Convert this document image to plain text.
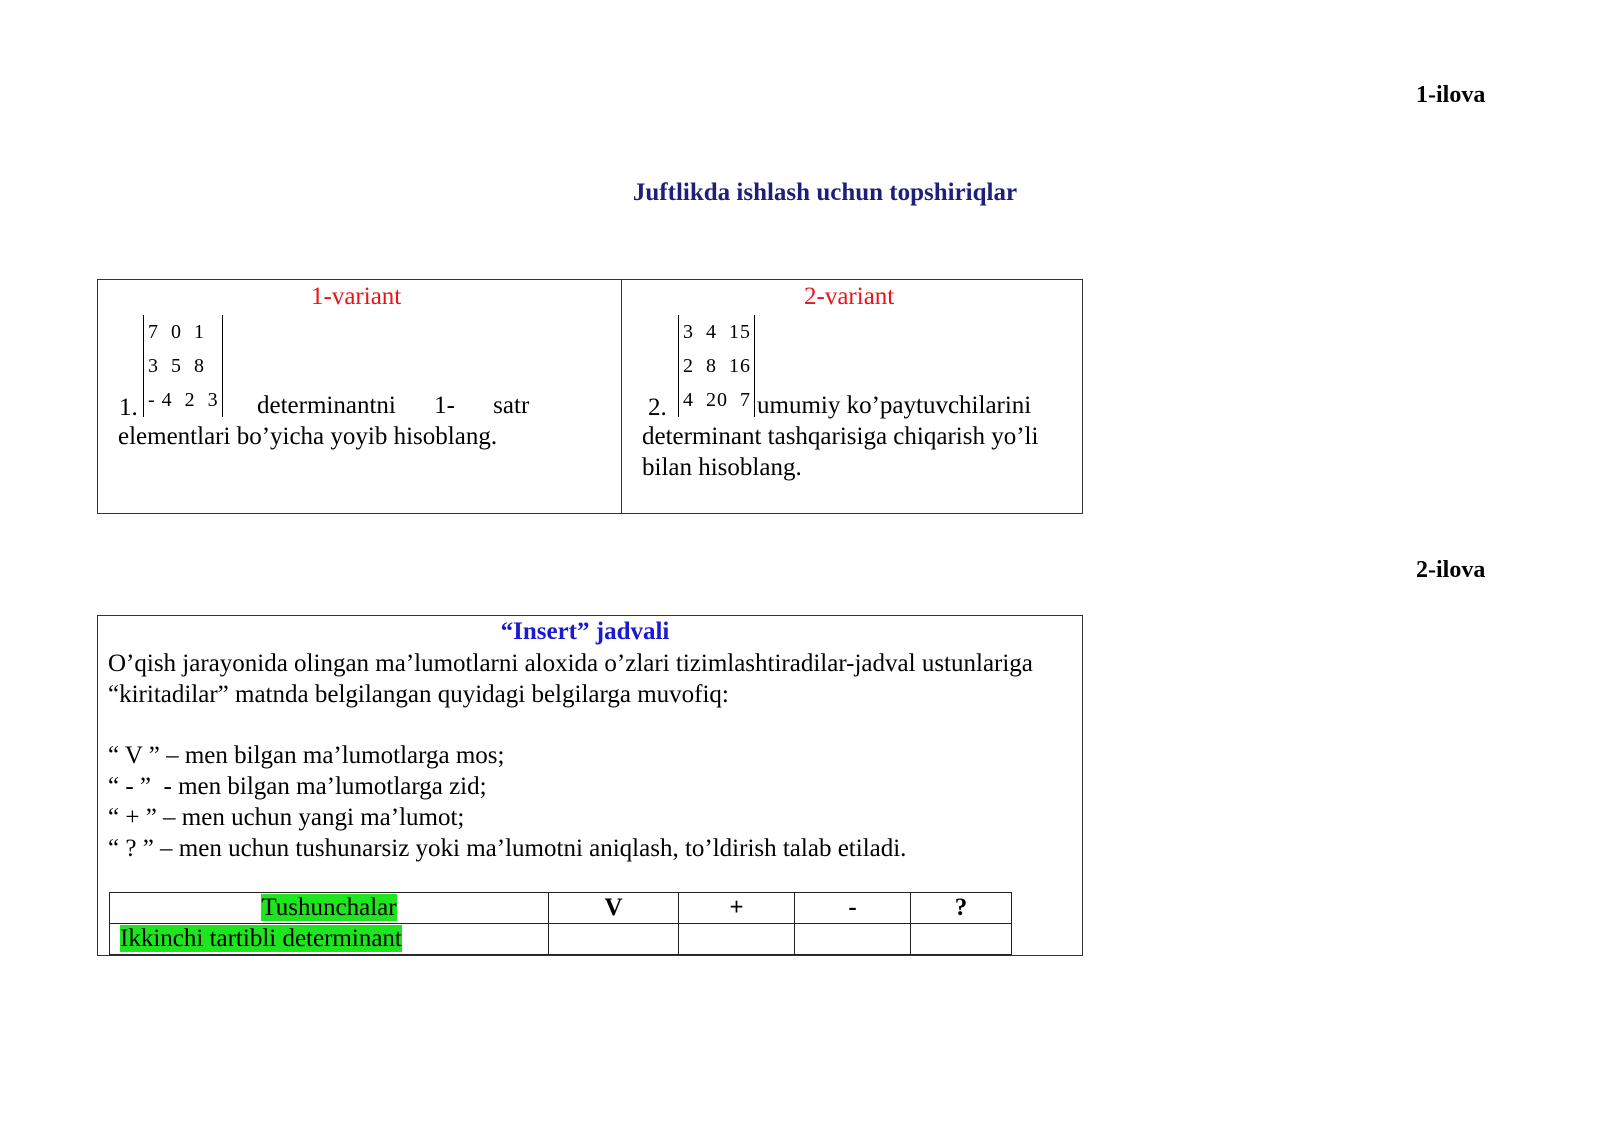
1-ilova
Juftlikda ishlash uchun topshiriqlar
1-variant
7  0  1
3  5  8
- 4  2  3
1.	determinantni 1- satr
elementlari bo’yicha yoyib hisoblang.
2-variant
3  4  15
2  8  16
4  20  7
2.	umumiy ko’paytuvchilarini
determinant tashqarisiga chiqarish yo’li bilan hisoblang.
2-ilova
“Insert” jadvali
O’qish jarayonida olingan ma’lumotlarni aloxida o’zlari tizimlashtiradilar-jadval ustunlariga “kiritadilar” matnda belgilangan quyidagi belgilarga muvofiq:
“ V ” – men bilgan ma’lumotlarga mos;
“ - ”  - men bilgan ma’lumotlarga zid;
“ + ” – men uchun yangi ma’lumot;
“ ? ” – men uchun tushunarsiz yoki ma’lumotni aniqlash, to’ldirish talab etiladi.
Tushunchalar	V	+	-	?
Ikkinchi tartibli determinant				
